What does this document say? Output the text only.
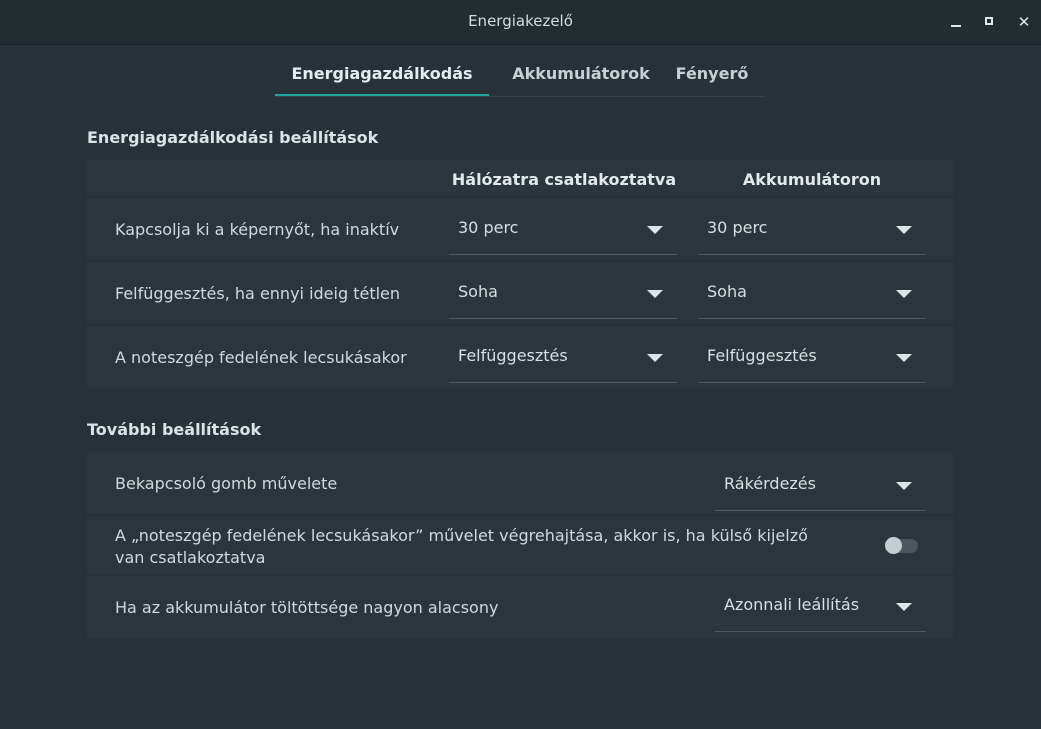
Energiakezelő	✕
Energiagazdálkodás	Akkumulátorok	Fényerő
Energiagazdálkodási beállítások
Hálózatra csatlakoztatva	Akkumulátoron
Kapcsolja ki a képernyőt, ha inaktív	30 perc	30 perc
Felfüggesztés, ha ennyi ideig tétlen	Soha	Soha
A noteszgép fedelének lecsukásakor	Felfüggesztés	Felfüggesztés
További beállítások
Bekapcsoló gomb művelete	Rákérdezés
A „noteszgép fedelének lecsukásakor” művelet végrehajtása, akkor is, ha külső kijelző
van csatlakoztatva
Ha az akkumulátor töltöttsége nagyon alacsony	Azonnali leállítás
